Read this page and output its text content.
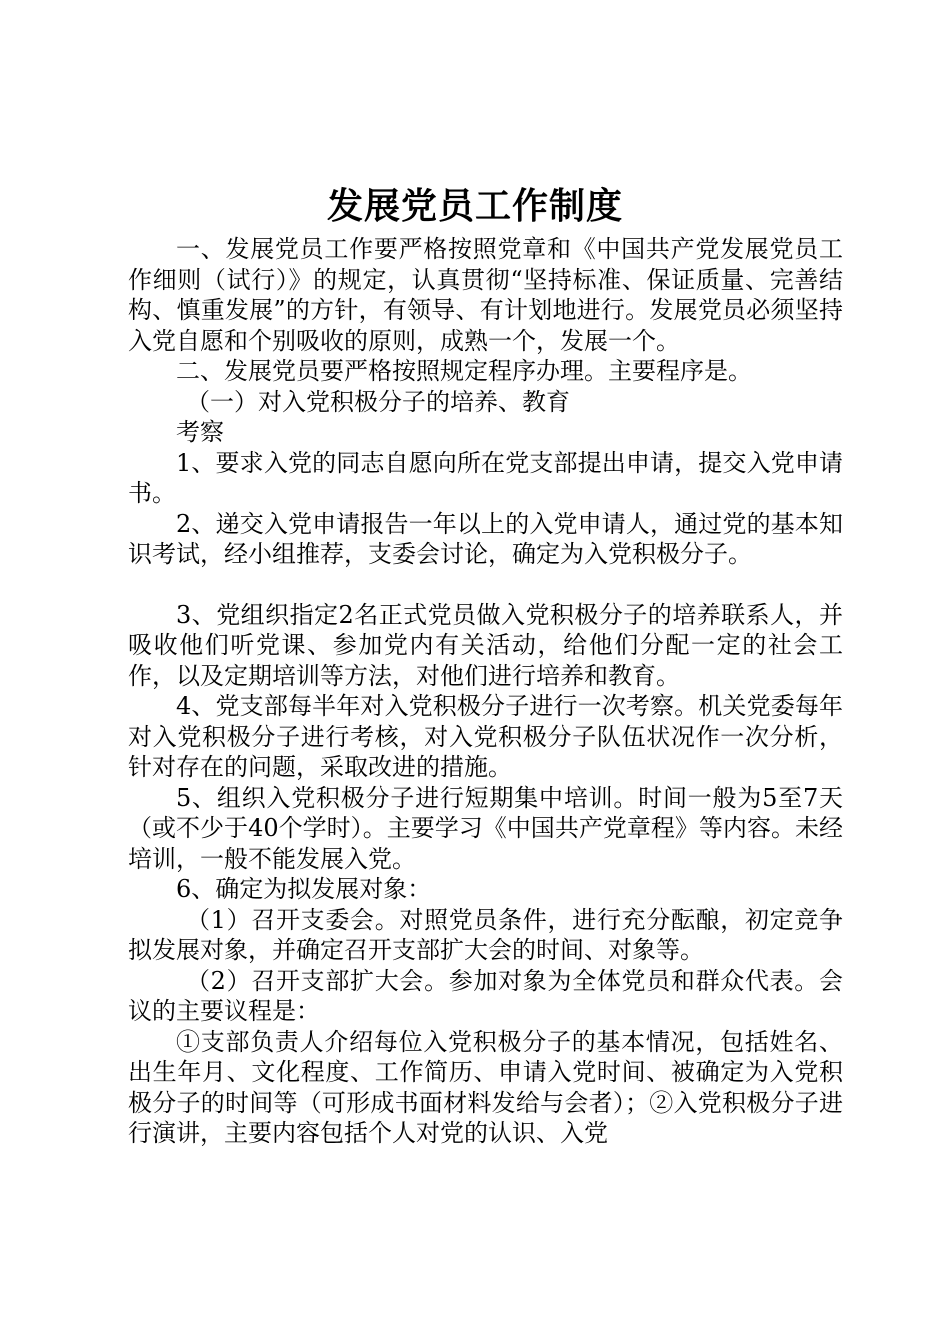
发展党员工作制度

一、发展党员工作要严格按照党章和《中国共产党发展党员工作细则（试行）》的规定，认真贯彻“坚持标准、保证质量、完善结构、慎重发展”的方针，有领导、有计划地进行。发展党员必须坚持入党自愿和个别吸收的原则，成熟一个，发展一个。

二、发展党员要严格按照规定程序办理。主要程序是。

（一）对入党积极分子的培养、教育

考察

1、要求入党的同志自愿向所在党支部提出申请，提交入党申请书。

2、递交入党申请报告一年以上的入党申请人，通过党的基本知识考试，经小组推荐，支委会讨论，确定为入党积极分子。

3、党组织指定2名正式党员做入党积极分子的培养联系人，并吸收他们听党课、参加党内有关活动，给他们分配一定的社会工作，以及定期培训等方法，对他们进行培养和教育。

4、党支部每半年对入党积极分子进行一次考察。机关党委每年对入党积极分子进行考核，对入党积极分子队伍状况作一次分析，针对存在的问题，采取改进的措施。

5、组织入党积极分子进行短期集中培训。时间一般为5至7天（或不少于40个学时）。主要学习《中国共产党章程》等内容。未经培训，一般不能发展入党。

6、确定为拟发展对象：

（1）召开支委会。对照党员条件，进行充分酝酿，初定竞争拟发展对象，并确定召开支部扩大会的时间、对象等。

（2）召开支部扩大会。参加对象为全体党员和群众代表。会议的主要议程是：

①支部负责人介绍每位入党积极分子的基本情况，包括姓名、出生年月、文化程度、工作简历、申请入党时间、被确定为入党积极分子的时间等（可形成书面材料发给与会者）；②入党积极分子进行演讲，主要内容包括个人对党的认识、入党
